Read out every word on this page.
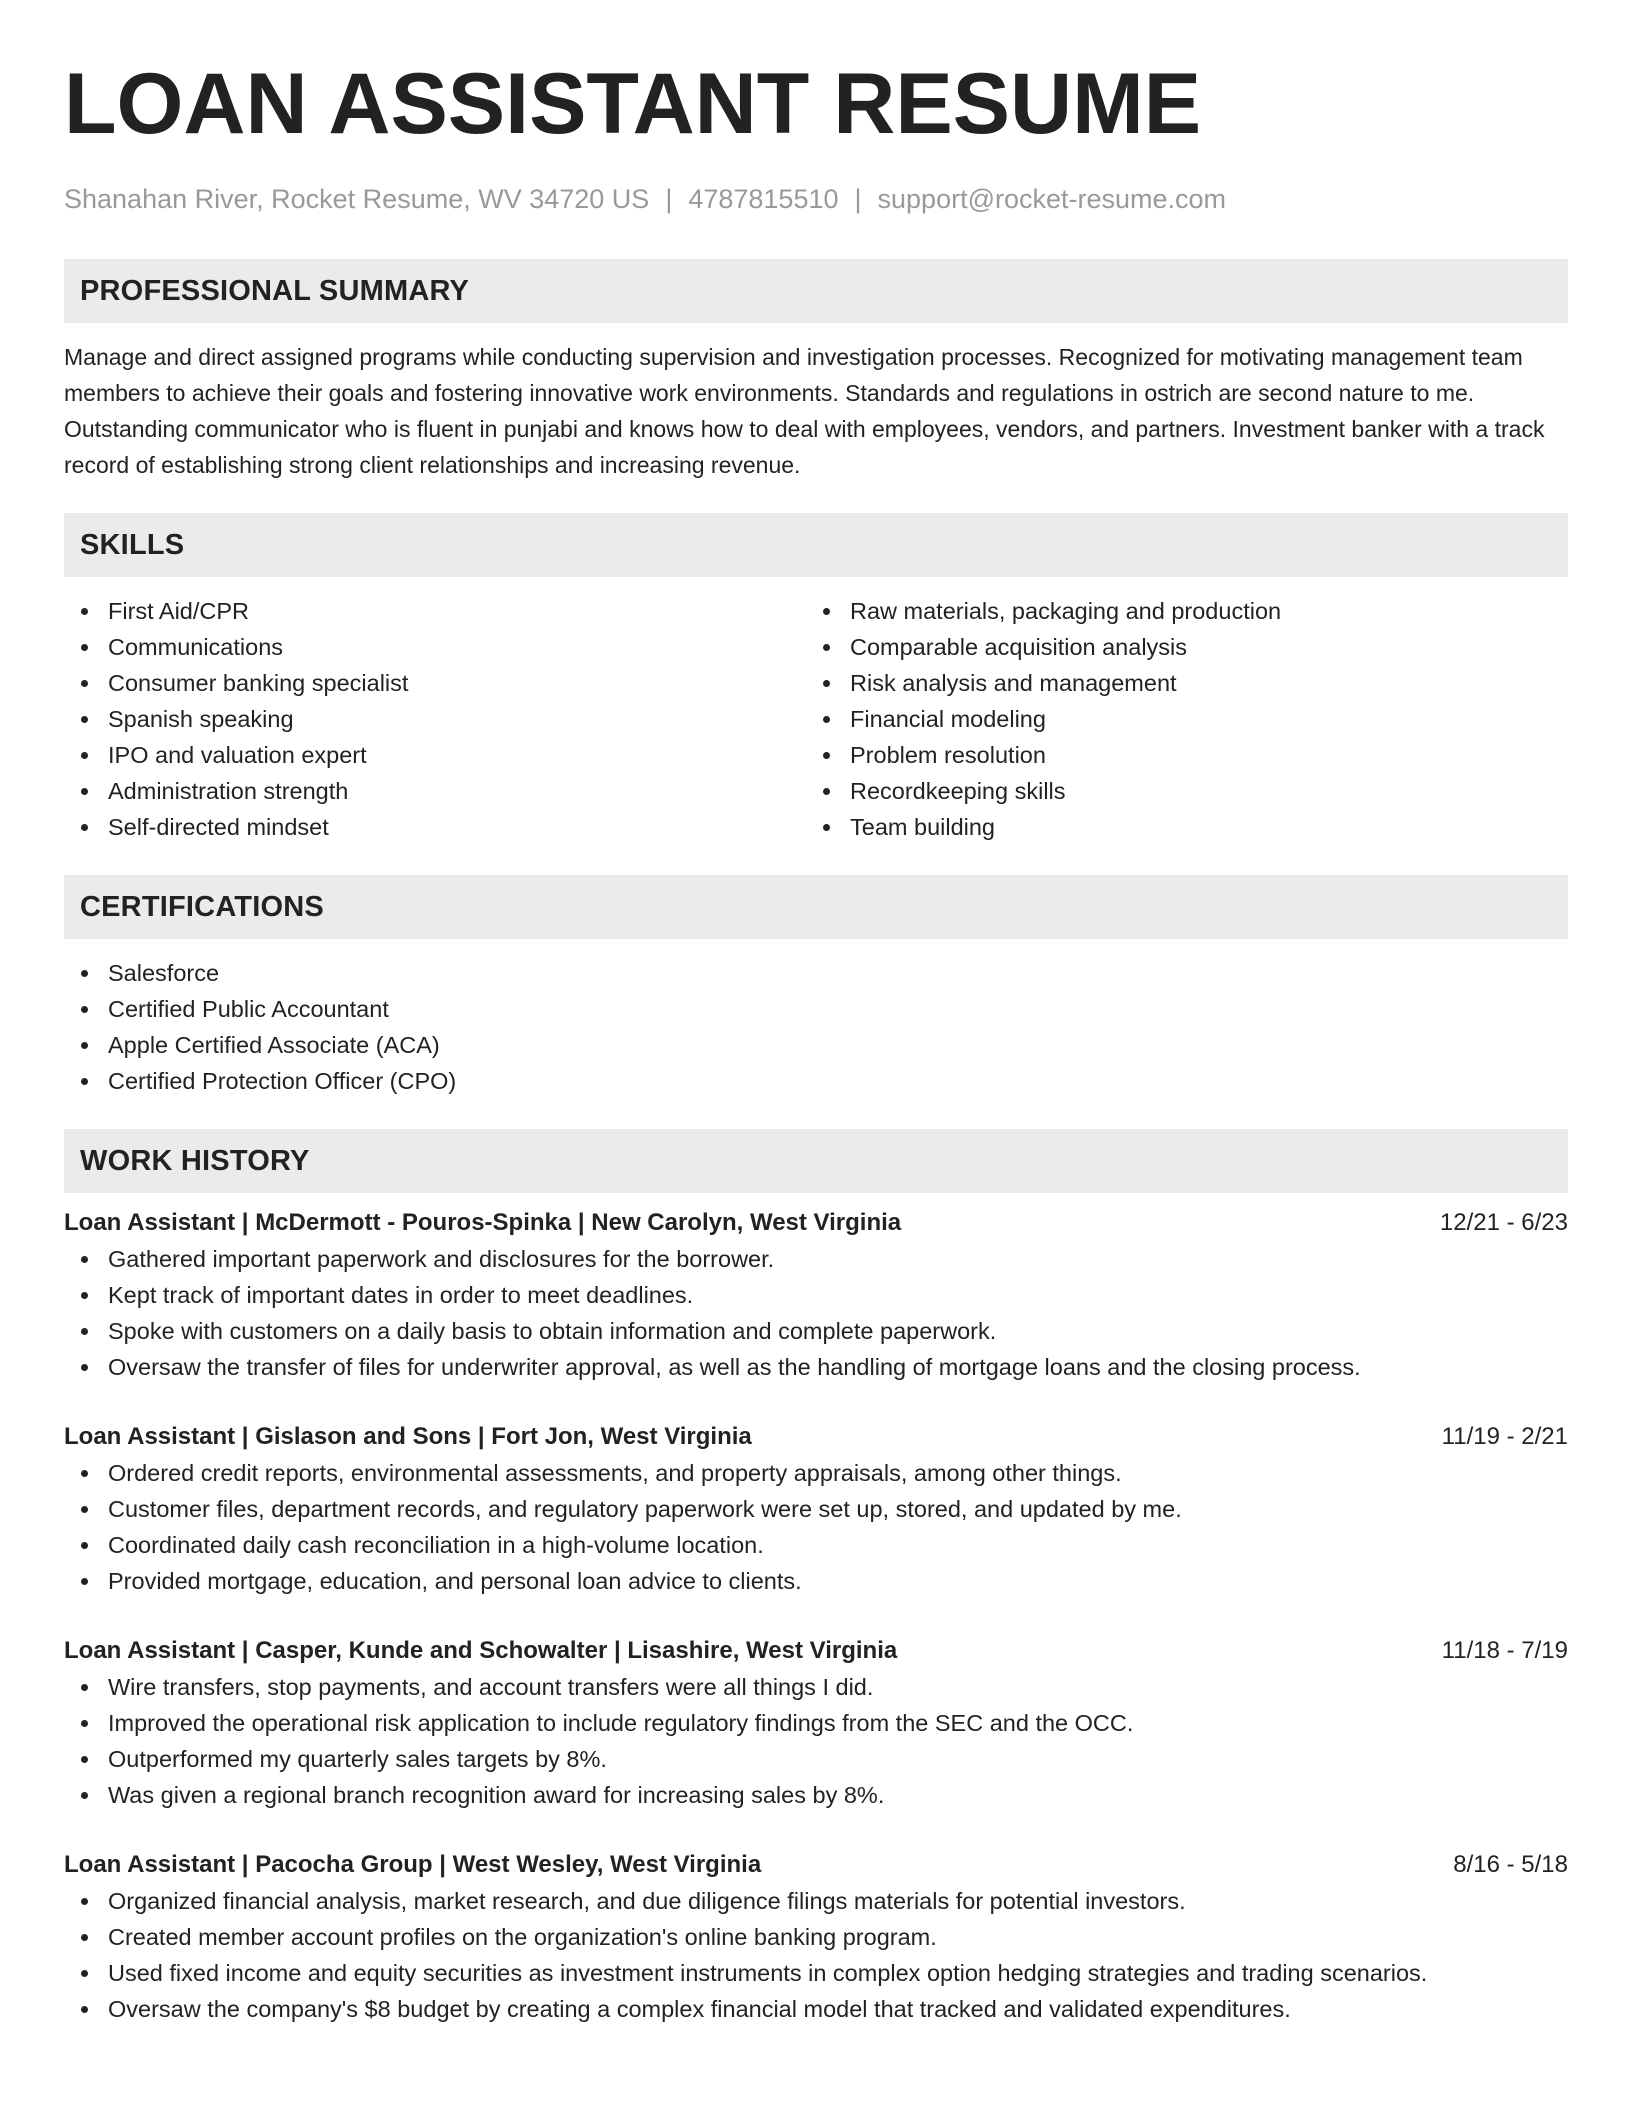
LOAN ASSISTANT RESUME
Shanahan River, Rocket Resume, WV 34720 US | 4787815510 | support@rocket-resume.com
PROFESSIONAL SUMMARY

Manage and direct assigned programs while conducting supervision and investigation processes. Recognized for motivating management team members to achieve their goals and fostering innovative work environments. Standards and regulations in ostrich are second nature to me. Outstanding communicator who is fluent in punjabi and knows how to deal with employees, vendors, and partners. Investment banker with a track record of establishing strong client relationships and increasing revenue.

SKILLS
First Aid/CPR
Communications
Consumer banking specialist
Spanish speaking
IPO and valuation expert
Administration strength
Self-directed mindset
Raw materials, packaging and production
Comparable acquisition analysis
Risk analysis and management
Financial modeling
Problem resolution
Recordkeeping skills
Team building
CERTIFICATIONS
Salesforce
Certified Public Accountant
Apple Certified Associate (ACA)
Certified Protection Officer (CPO)
WORK HISTORY
Loan Assistant | McDermott - Pouros-Spinka | New Carolyn, West Virginia	12/21 - 6/23
Gathered important paperwork and disclosures for the borrower.
Kept track of important dates in order to meet deadlines.
Spoke with customers on a daily basis to obtain information and complete paperwork.
Oversaw the transfer of files for underwriter approval, as well as the handling of mortgage loans and the closing process.
Loan Assistant | Gislason and Sons | Fort Jon, West Virginia	11/19 - 2/21
Ordered credit reports, environmental assessments, and property appraisals, among other things.
Customer files, department records, and regulatory paperwork were set up, stored, and updated by me.
Coordinated daily cash reconciliation in a high-volume location.
Provided mortgage, education, and personal loan advice to clients.
Loan Assistant | Casper, Kunde and Schowalter | Lisashire, West Virginia	11/18 - 7/19
Wire transfers, stop payments, and account transfers were all things I did.
Improved the operational risk application to include regulatory findings from the SEC and the OCC.
Outperformed my quarterly sales targets by 8%.
Was given a regional branch recognition award for increasing sales by 8%.
Loan Assistant | Pacocha Group | West Wesley, West Virginia	8/16 - 5/18
Organized financial analysis, market research, and due diligence filings materials for potential investors.
Created member account profiles on the organization's online banking program.
Used fixed income and equity securities as investment instruments in complex option hedging strategies and trading scenarios.
Oversaw the company's $8 budget by creating a complex financial model that tracked and validated expenditures.
